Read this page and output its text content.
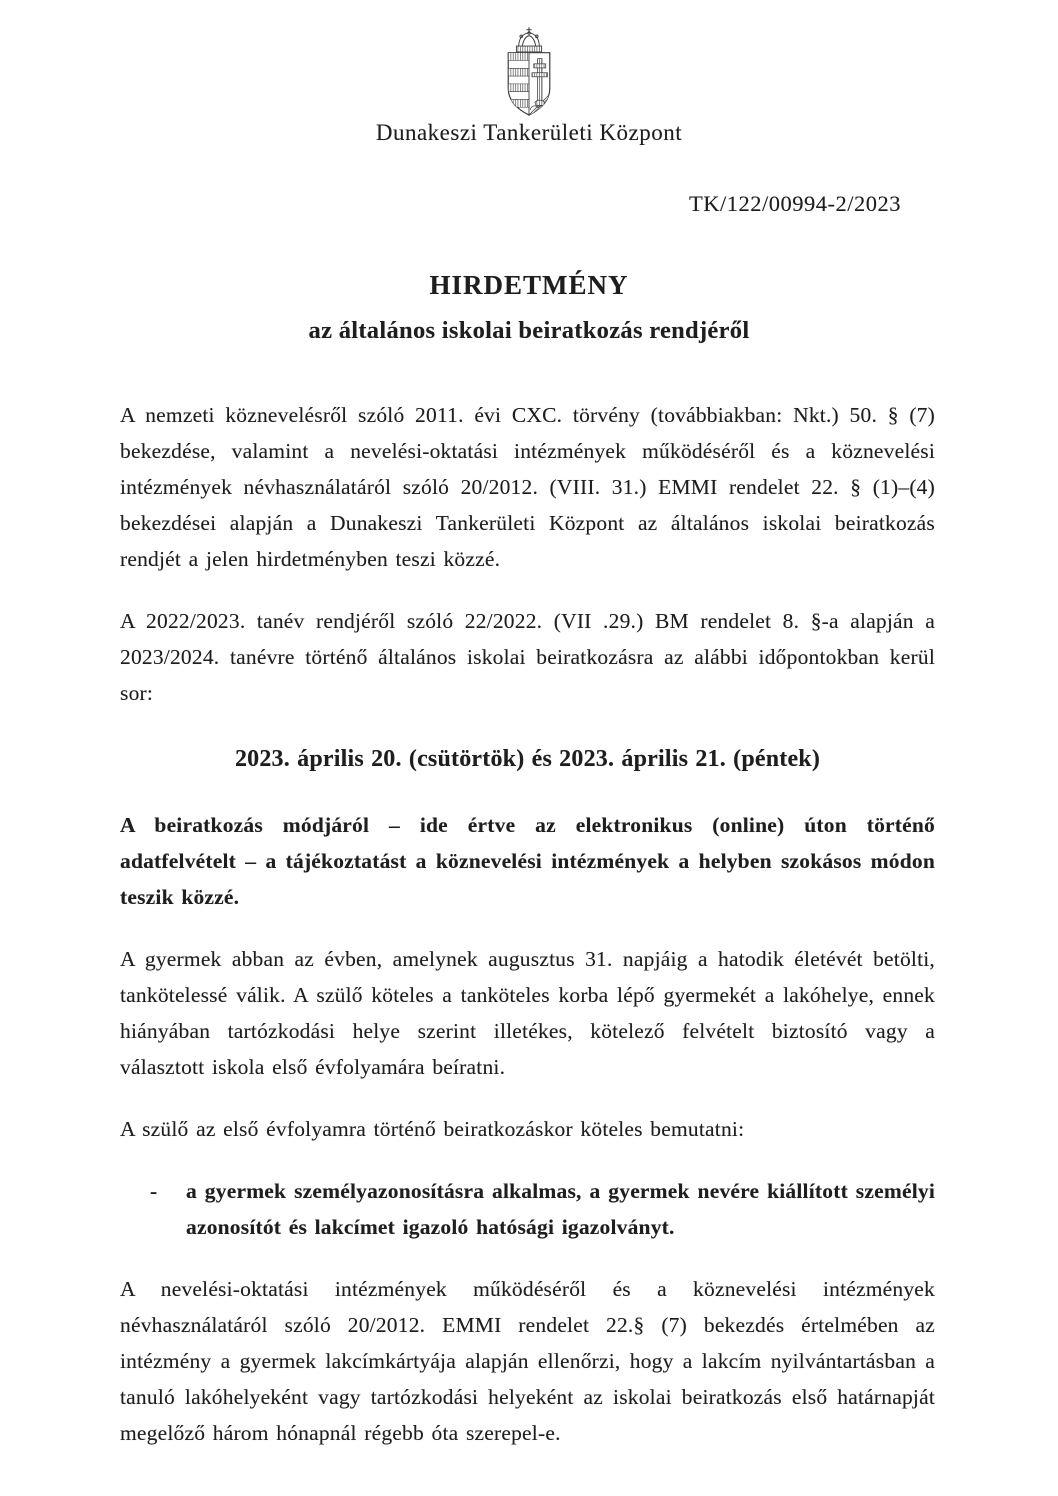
Dunakeszi Tankerületi Központ
TK/122/00994-2/2023
HIRDETMÉNY
az általános iskolai beiratkozás rendjéről

A nemzeti köznevelésről szóló 2011. évi CXC. törvény (továbbiakban: Nkt.) 50. § (7) bekezdése, valamint a nevelési-oktatási intézmények működéséről és a köznevelési intézmények névhasználatáról szóló 20/2012. (VIII. 31.) EMMI rendelet 22. § (1)–(4) bekezdései alapján a Dunakeszi Tankerületi Központ az általános iskolai beiratkozás rendjét a jelen hirdetményben teszi közzé.

A 2022/2023. tanév rendjéről szóló 22/2022. (VII .29.) BM rendelet 8. §-a alapján a 2023/2024. tanévre történő általános iskolai beiratkozásra az alábbi időpontokban kerül sor:

2023. április 20. (csütörtök) és 2023. április 21. (péntek)

A beiratkozás módjáról – ide értve az elektronikus (online) úton történő adatfelvételt – a tájékoztatást a köznevelési intézmények a helyben szokásos módon teszik közzé.

A gyermek abban az évben, amelynek augusztus 31. napjáig a hatodik életévét betölti, tankötelessé válik. A szülő köteles a tanköteles korba lépő gyermekét a lakóhelye, ennek hiányában tartózkodási helye szerint illetékes, kötelező felvételt biztosító vagy a választott iskola első évfolyamára beíratni.

A szülő az első évfolyamra történő beiratkozáskor köteles bemutatni:

-	a gyermek személyazonosításra alkalmas, a gyermek nevére kiállított személyi azonosítót és lakcímet igazoló hatósági igazolványt.

A nevelési-oktatási intézmények működéséről és a köznevelési intézmények névhasználatáról szóló 20/2012. EMMI rendelet 22.§ (7) bekezdés értelmében az intézmény a gyermek lakcímkártyája alapján ellenőrzi, hogy a lakcím nyilvántartásban a tanuló lakóhelyeként vagy tartózkodási helyeként az iskolai beiratkozás első határnapját megelőző három hónapnál régebb óta szerepel-e.
